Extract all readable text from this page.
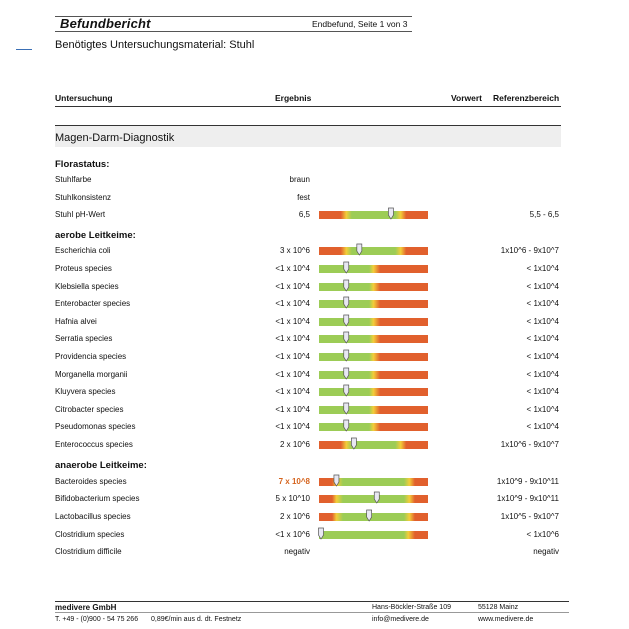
Befundbericht	Endbefund, Seite 1 von 3
Benötigtes Untersuchungsmaterial: Stuhl
Untersuchung	Ergebnis	Vorwert Referenzbereich
Magen-Darm-Diagnostik
Florastatus:
aerobe Leitkeime:
anaerobe Leitkeime:
Stuhlfarbe	braun
Stuhlkonsistenz	fest
Stuhl pH-Wert	6,5	5,5 - 6,5
Escherichia coli	3 x 10^6	1x10^6 - 9x10^7
Proteus species	<1 x 10^4	< 1x10^4
Klebsiella species	<1 x 10^4	< 1x10^4
Enterobacter species	<1 x 10^4	< 1x10^4
Hafnia alvei	<1 x 10^4	< 1x10^4
Serratia species	<1 x 10^4	< 1x10^4
Providencia species	<1 x 10^4	< 1x10^4
Morganella morganii	<1 x 10^4	< 1x10^4
Kluyvera species	<1 x 10^4	< 1x10^4
Citrobacter species	<1 x 10^4	< 1x10^4
Pseudomonas species	<1 x 10^4	< 1x10^4
Enterococcus species	2 x 10^6	1x10^6 - 9x10^7
Bacteroides species	7 x 10^8	1x10^9 - 9x10^11
Bifidobacterium species	5 x 10^10	1x10^9 - 9x10^11
Lactobacillus species	2 x 10^6	1x10^5 - 9x10^7
Clostridium species	<1 x 10^6	< 1x10^6
Clostridium difficile	negativ	negativ
medivere GmbH	Hans-Böckler-Straße 109	55128 Mainz
T. +49 - (0)900 - 54 75 266 0,89€/min aus d. dt. Festnetz	info@medivere.de	www.medivere.de
